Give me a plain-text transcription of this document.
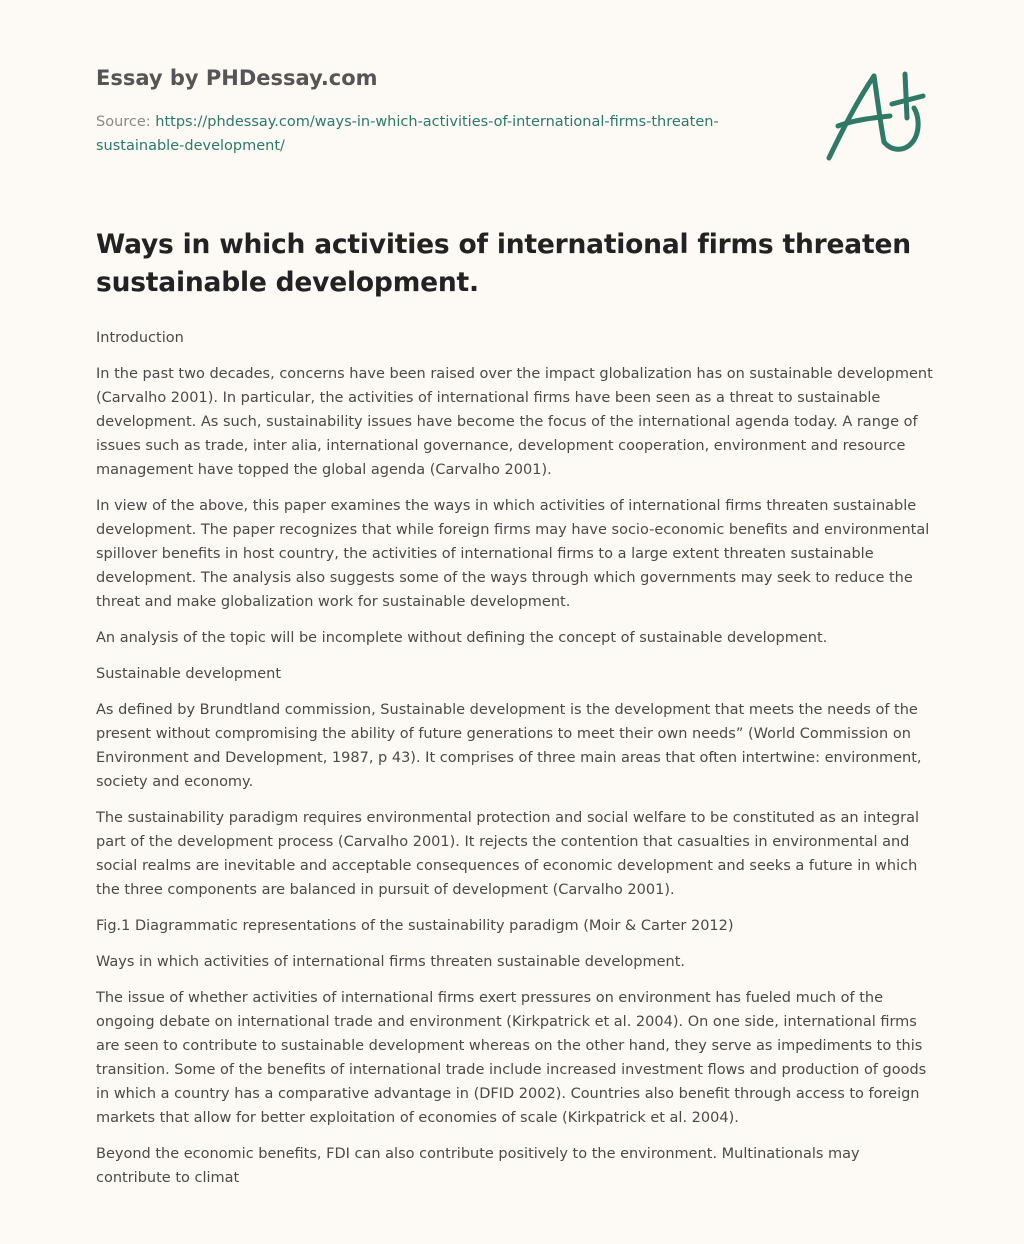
Essay by PHDessay.com
Source: https://phdessay.com/ways-in-which-activities-of-international-firms-threaten-
sustainable-development/
Ways in which activities of international firms threaten sustainable development.

Introduction

In the past two decades, concerns have been raised over the impact globalization has on sustainable development (Carvalho 2001). In particular, the activities of international firms have been seen as a threat to sustainable development. As such, sustainability issues have become the focus of the international agenda today. A range of issues such as trade, inter alia, international governance, development cooperation, environment and resource management have topped the global agenda (Carvalho 2001).

In view of the above, this paper examines the ways in which activities of international firms threaten sustainable development. The paper recognizes that while foreign firms may have socio-economic benefits and environmental spillover benefits in host country, the activities of international firms to a large extent threaten sustainable development. The analysis also suggests some of the ways through which governments may seek to reduce the threat and make globalization work for sustainable development.

An analysis of the topic will be incomplete without defining the concept of sustainable development.

Sustainable development

As defined by Brundtland commission, Sustainable development is the development that meets the needs of the present without compromising the ability of future generations to meet their own needs” (World Commission on Environment and Development, 1987, p 43). It comprises of three main areas that often intertwine: environment, society and economy.

The sustainability paradigm requires environmental protection and social welfare to be constituted as an integral part of the development process (Carvalho 2001). It rejects the contention that casualties in environmental and social realms are inevitable and acceptable consequences of economic development and seeks a future in which the three components are balanced in pursuit of development (Carvalho 2001).

Fig.1 Diagrammatic representations of the sustainability paradigm (Moir & Carter 2012)

Ways in which activities of international firms threaten sustainable development.

The issue of whether activities of international firms exert pressures on environment has fueled much of the ongoing debate on international trade and environment (Kirkpatrick et al. 2004). On one side, international firms are seen to contribute to sustainable development whereas on the other hand, they serve as impediments to this transition. Some of the benefits of international trade include increased investment flows and production of goods in which a country has a comparative advantage in (DFID 2002). Countries also benefit through access to foreign markets that allow for better exploitation of economies of scale (Kirkpatrick et al. 2004).

Beyond the economic benefits, FDI can also contribute positively to the environment. Multinationals may contribute to climat
